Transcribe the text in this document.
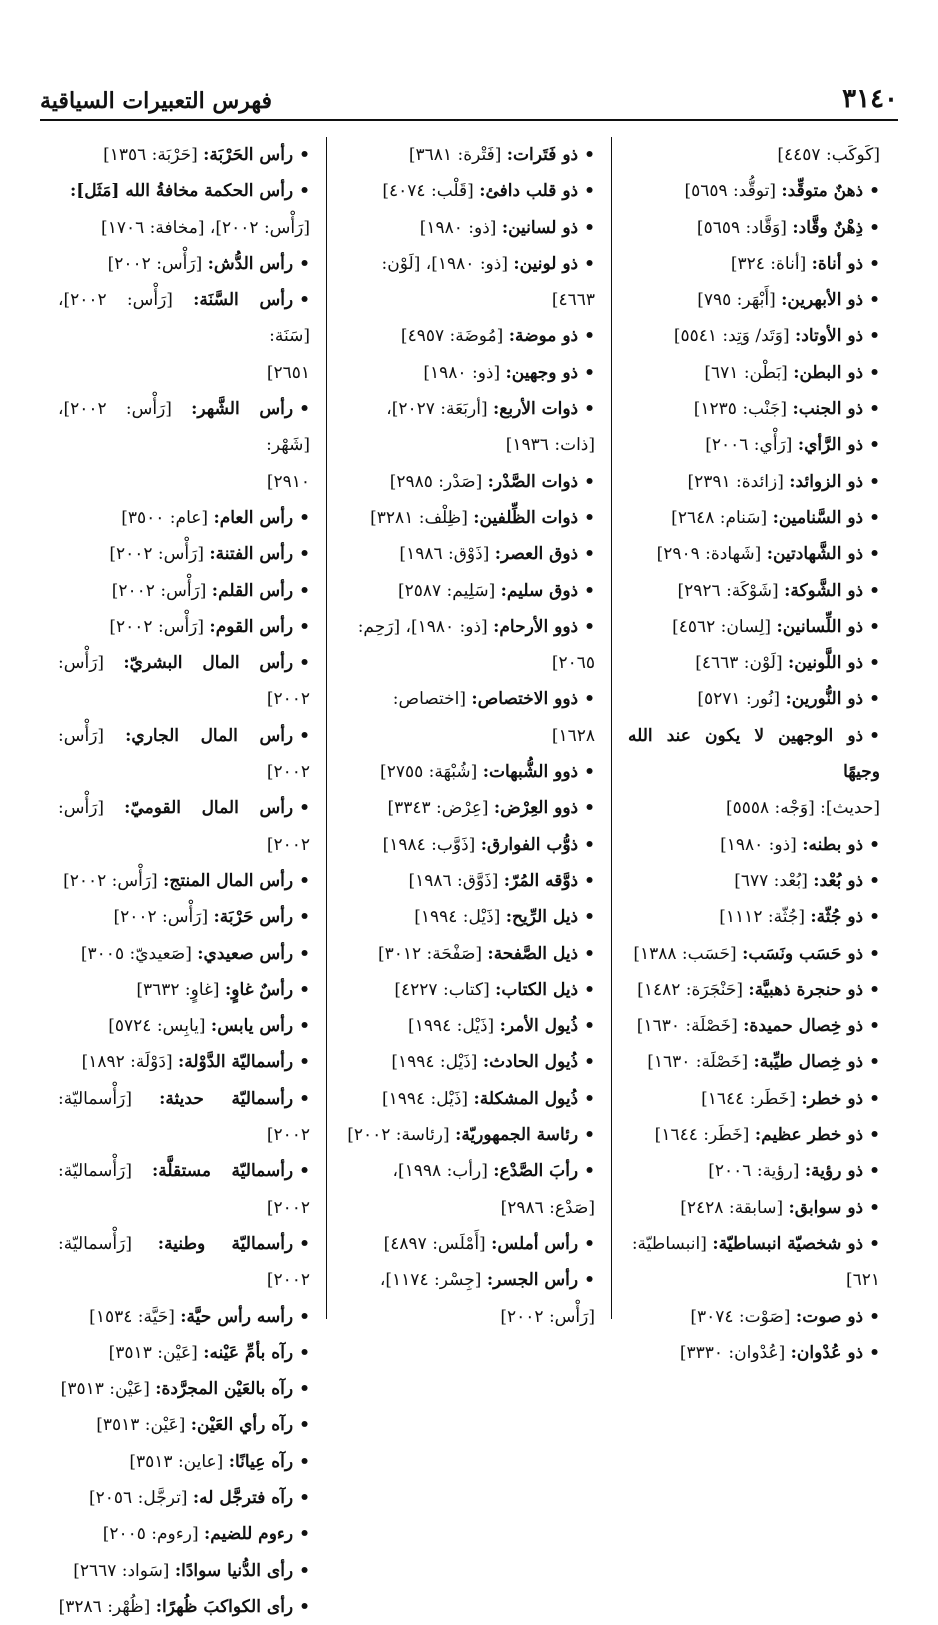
٣١٤٠
فهرس التعبيرات السياقية
[كَوكَب: ٤٤٥٧]
•ذهنٌ متوقِّد: [توقُّد: ٥٦٥٩]
•ذِهْنٌ وقَّاد: [وَقَّاد: ٥٦٥٩]
•ذو أناة: [أناة: ٣٢٤]
•ذو الأبهرين: [أَبْهَر: ٧٩٥]
•ذو الأوتاد: [وَتَد/ وَتِد: ٥٥٤١]
•ذو البطن: [بَطْن: ٦٧١]
•ذو الجنب: [جَنْب: ١٢٣٥]
•ذو الرَّأي: [رَأْي: ٢٠٠٦]
•ذو الزوائد: [زائدة: ٢٣٩١]
•ذو السَّنامين: [سَنام: ٢٦٤٨]
•ذو الشَّهادتين: [شَهادة: ٢٩٠٩]
•ذو الشَّوكة: [شَوْكَة: ٢٩٢٦]
•ذو اللِّسانين: [لِسان: ٤٥٦٢]
•ذو اللَّونين: [لَوْن: ٤٦٦٣]
•ذو النُّورين: [نُور: ٥٢٧١]
•ذو الوجهين لا يكون عند الله وجيهًا
[حديث]: [وَجْه: ٥٥٥٨]
•ذو بطنه: [ذو: ١٩٨٠]
•ذو بُعْد: [بُعْد: ٦٧٧]
•ذو جُثّة: [جُثّة: ١١١٢]
•ذو حَسَب ونَسَب: [حَسَب: ١٣٨٨]
•ذو حنجرة ذهبيَّة: [حَنْجَرَة: ١٤٨٢]
•ذو خِصال حميدة: [خَصْلَة: ١٦٣٠]
•ذو خِصال طيِّبة: [خَصْلَة: ١٦٣٠]
•ذو خطر: [خَطَر: ١٦٤٤]
•ذو خطر عظيم: [خَطَر: ١٦٤٤]
•ذو رؤية: [رؤية: ٢٠٠٦]
•ذو سوابق: [سابقة: ٢٤٢٨]
•ذو شخصيّة انبساطيّة: [انبساطيّة:
٦٢١]
•ذو صوت: [صَوْت: ٣٠٧٤]
•ذو عُدْوان: [عُدْوان: ٣٣٣٠]
•ذو فَتَرات: [فَتْرة: ٣٦٨١]
•ذو قلب دافئ: [قَلْب: ٤٠٧٤]
•ذو لسانين: [ذو: ١٩٨٠]
•ذو لونين: [ذو: ١٩٨٠]، [لَوْن:
٤٦٦٣]
•ذو موضة: [مُوضَة: ٤٩٥٧]
•ذو وجهين: [ذو: ١٩٨٠]
•ذوات الأربع: [أربَعَة: ٢٠٢٧]،
[ذات: ١٩٣٦]
•ذوات الصَّدْر: [صَدْر: ٢٩٨٥]
•ذوات الظِّلفين: [ظِلْف: ٣٢٨١]
•ذوق العصر: [ذَوْق: ١٩٨٦]
•ذوق سليم: [سَلِيم: ٢٥٨٧]
•ذوو الأرحام: [ذو: ١٩٨٠]، [رَحِم:
٢٠٦٥]
•ذوو الاختصاص: [اختصاص:
١٦٢٨]
•ذوو الشُّبهات: [شُبْهَة: ٢٧٥٥]
•ذوو العِرْض: [عِرْض: ٣٣٤٣]
•ذوُّب الفوارق: [ذَوَّب: ١٩٨٤]
•ذوَّقه المُرّ: [ذَوَّق: ١٩٨٦]
•ذيل الرِّيح: [ذَيْل: ١٩٩٤]
•ذيل الصَّفحة: [صَفْحَة: ٣٠١٢]
•ذيل الكتاب: [كتاب: ٤٢٢٧]
•ذُيول الأمر: [ذَيْل: ١٩٩٤]
•ذُيول الحادث: [ذَيْل: ١٩٩٤]
•ذُيول المشكلة: [ذَيْل: ١٩٩٤]
•رئاسة الجمهوريّة: [رئاسة: ٢٠٠٢]
•رأبَ الصَّدْع: [رأب: ١٩٩٨]،
[صَدْع: ٢٩٨٦]
•رأس أملس: [أَمْلَس: ٤٨٩٧]
•رأس الجسر: [جِسْر: ١١٧٤]،
[رَأْس: ٢٠٠٢]
•رأس الحَرْبَة: [حَرْبَة: ١٣٥٦]
•رأس الحكمة مخافةُ الله [مَثَل]:
[رَأْس: ٢٠٠٢]، [مخافة: ١٧٠٦]
•رأس الدُّش: [رَأْس: ٢٠٠٢]
•رأس السَّنَة: [رَأْس: ٢٠٠٢]، [سَنَة:
٢٦٥١]
•رأس الشَّهر: [رَأْس: ٢٠٠٢]، [شَهْر:
٢٩١٠]
•رأس العام: [عام: ٣٥٠٠]
•رأس الفتنة: [رَأْس: ٢٠٠٢]
•رأس القلم: [رَأْس: ٢٠٠٢]
•رأس القوم: [رَأْس: ٢٠٠٢]
•رأس المال البشريّ: [رَأْس: ٢٠٠٢]
•رأس المال الجاري: [رَأْس: ٢٠٠٢]
•رأس المال القوميّ: [رَأْس: ٢٠٠٢]
•رأس المال المنتج: [رَأْس: ٢٠٠٢]
•رأس حَرْبَة: [رَأْس: ٢٠٠٢]
•رأس صعيدي: [صَعيديّ: ٣٠٠٥]
•رأسٌ غاوٍ: [غاوٍ: ٣٦٣٢]
•رأس يابس: [يابِس: ٥٧٢٤]
•رأسماليّة الدَّوْلة: [دَوْلَة: ١٨٩٢]
•رأسماليّة حديثة: [رَأْسماليّة: ٢٠٠٢]
•رأسماليّة مستقلَّة: [رَأْسماليّة: ٢٠٠٢]
•رأسماليّة وطنية: [رَأْسماليّة: ٢٠٠٢]
•رأسه رأس حيَّة: [حَيَّة: ١٥٣٤]
•رآه بأمِّ عَيْنه: [عَيْن: ٣٥١٣]
•رآه بالعَيْن المجرَّدة: [عَيْن: ٣٥١٣]
•رآه رأي العَيْن: [عَيْن: ٣٥١٣]
•رآه عِيانًا: [عاين: ٣٥١٣]
•رآه فترجَّل له: [ترجَّل: ٢٠٥٦]
•رءوم للضيم: [رءوم: ٢٠٠٥]
•رأى الدُّنيا سوادًا: [سَواد: ٢٦٦٧]
•رأى الكواكبَ ظُهرًا: [ظُهْر: ٣٢٨٦]
